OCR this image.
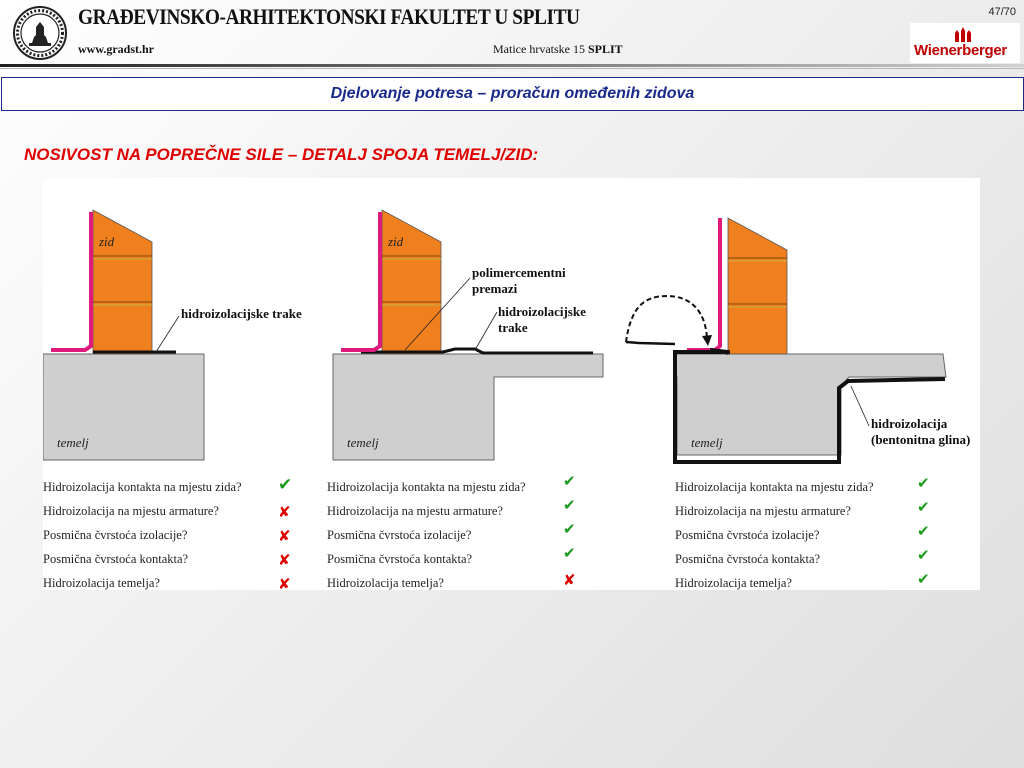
GRAĐEVINSKO-ARHITEKTONSKI FAKULTET U SPLITU
www.gradst.hr	Matice hrvatske 15 SPLIT
47/70
Wienerberger
Djelovanje potresa – proračun omeđenih zidova
NOSIVOST NA POPREČNE SILE – DETALJ SPOJA TEMELJ/ZID:
zid
temelj
hidroizolacijske trake
zid
temelj
polimercementni
premazi
hidroizolacijske
trake
temelj
hidroizolacija
(bentonitna glina)
Hidroizolacija kontakta na mjestu zida?
Hidroizolacija na mjestu armature?
Posmična čvrstoća izolacije?
Posmična čvrstoća kontakta?
Hidroizolacija temelja?
✔
✘
✘
✘
✘
Hidroizolacija kontakta na mjestu zida?
Hidroizolacija na mjestu armature?
Posmična čvrstoća izolacije?
Posmična čvrstoća kontakta?
Hidroizolacija temelja?
✔
✔
✔
✔
✘
Hidroizolacija kontakta na mjestu zida?
Hidroizolacija na mjestu armature?
Posmična čvrstoća izolacije?
Posmična čvrstoća kontakta?
Hidroizolacija temelja?
✔
✔
✔
✔
✔
